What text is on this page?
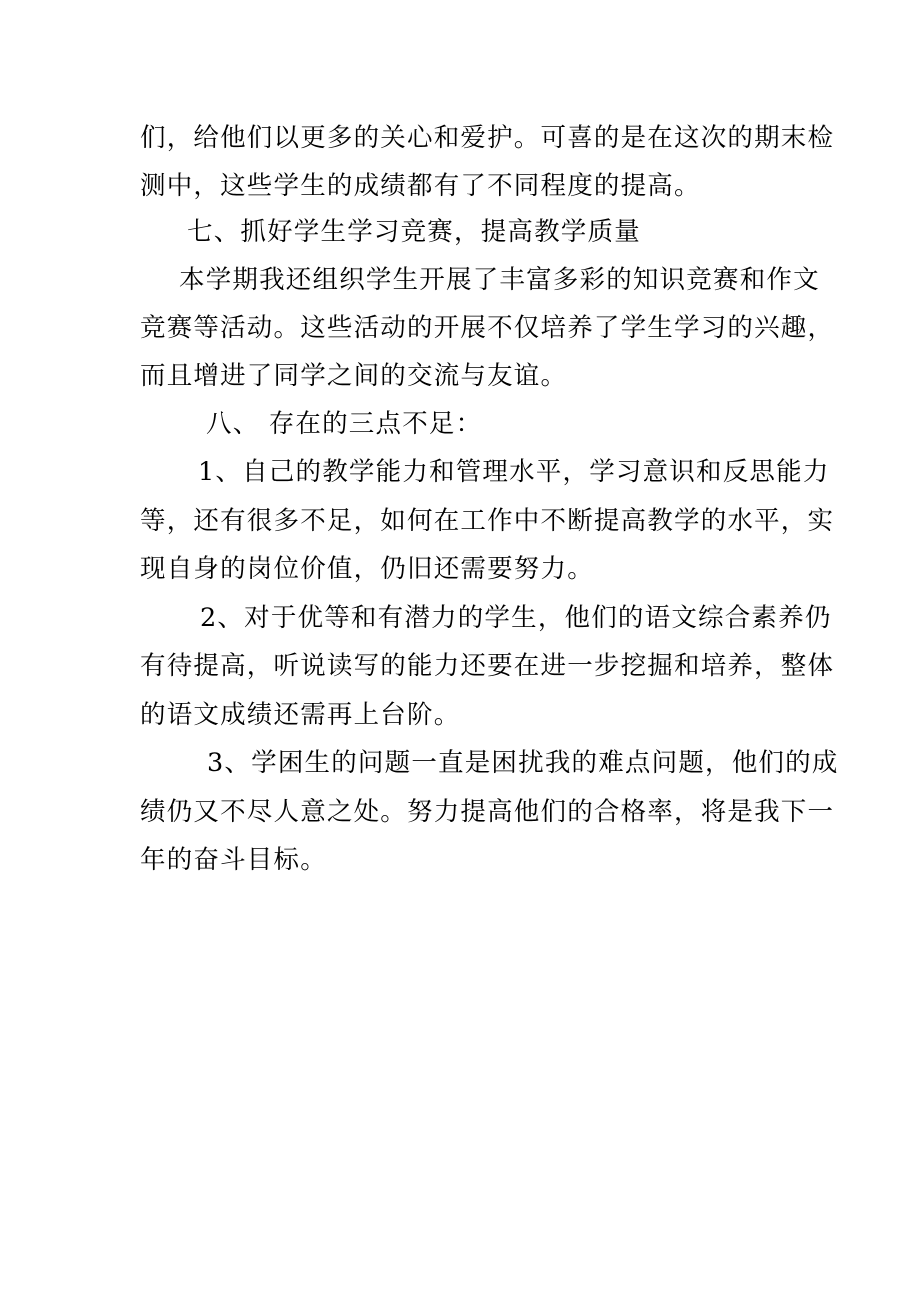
们，给他们以更多的关心和爱护。可喜的是在这次的期末检
测中，这些学生的成绩都有了不同程度的提高。
七、抓好学生学习竞赛，提高教学质量
本学期我还组织学生开展了丰富多彩的知识竞赛和作文
竞赛等活动。这些活动的开展不仅培养了学生学习的兴趣，
而且增进了同学之间的交流与友谊。
八、 存在的三点不足：
1、自己的教学能力和管理水平，学习意识和反思能力
等，还有很多不足，如何在工作中不断提高教学的水平，实
现自身的岗位价值，仍旧还需要努力。
2、对于优等和有潜力的学生，他们的语文综合素养仍
有待提高，听说读写的能力还要在进一步挖掘和培养，整体
的语文成绩还需再上台阶。
3、学困生的问题一直是困扰我的难点问题，他们的成
绩仍又不尽人意之处。努力提高他们的合格率，将是我下一
年的奋斗目标。
